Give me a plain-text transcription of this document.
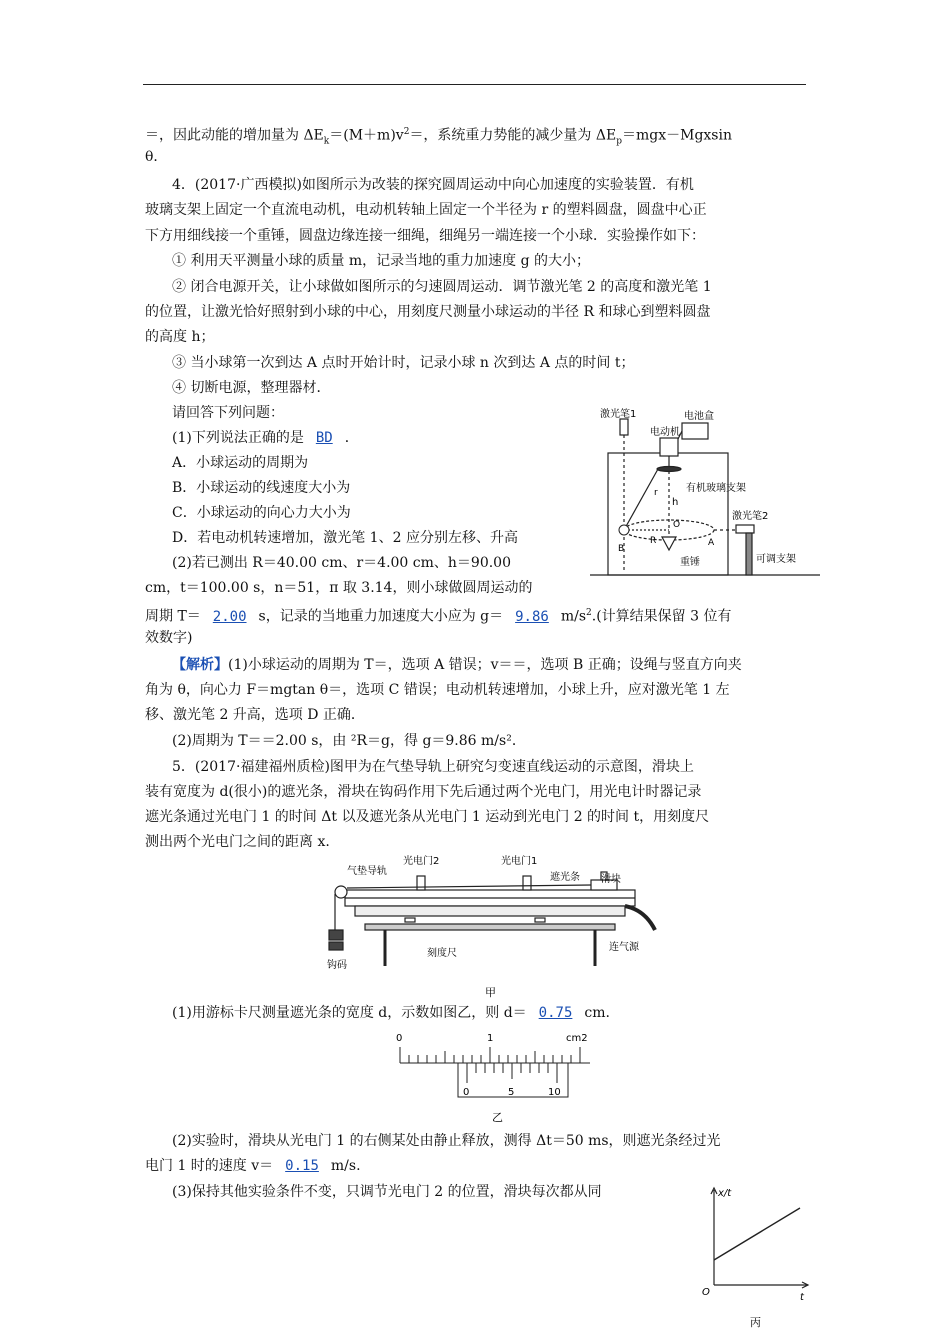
＝，因此动能的增加量为 $\Delta E_k=(M+m)v^2=$，系统重力势能的减少量为 $\Delta E_p=mgx-Mgxsin$
θ．
4．(2017·广西模拟)如图所示为改装的探究圆周运动中向心加速度的实验装置．有机
玻璃支架上固定一个直流电动机，电动机转轴上固定一个半径为 r 的塑料圆盘，圆盘中心正
下方用细线接一个重锤，圆盘边缘连接一细绳，细绳另一端连接一个小球．实验操作如下：
① 利用天平测量小球的质量 m，记录当地的重力加速度 g 的大小；
② 闭合电源开关，让小球做如图所示的匀速圆周运动．调节激光笔 2 的高度和激光笔 1
的位置，让激光恰好照射到小球的中心，用刻度尺测量小球运动的半径 R 和球心到塑料圆盘
的高度 h；
③ 当小球第一次到达 A 点时开始计时，记录小球 n 次到达 A 点的时间 t；
④ 切断电源，整理器材．
请回答下列问题：
(1)下列说法正确的是 BD ．
A．小球运动的周期为
B．小球运动的线速度大小为
C．小球运动的向心力大小为
D．若电动机转速增加，激光笔 1、2 应分别左移、升高
(2)若已测出 R＝40.00 cm、r＝4.00 cm、h＝90.00
cm，t＝100.00 s，n＝51，π 取 3.14，则小球做圆周运动的
周期 T＝ 2.00 s，记录的当地重力加速度大小应为 g＝ 9.86 $m/s^2$.(计算结果保留 3 位有
效数字)
【解析】(1)小球运动的周期为 T＝，选项 A 错误；v＝＝，选项 B 正确；设绳与竖直方向夹
角为 θ，向心力 F＝mgtan θ＝，选项 C 错误；电动机转速增加，小球上升，应对激光笔 1 左
移、激光笔 2 升高，选项 D 正确．
(2)周期为 T＝＝2.00 s，由 ²R＝g，得 g＝9.86 m/s²．
5．(2017·福建福州质检)图甲为在气垫导轨上研究匀变速直线运动的示意图，滑块上
装有宽度为 d(很小)的遮光条，滑块在钩码作用下先后通过两个光电门，用光电计时器记录
遮光条通过光电门 1 的时间 Δt 以及遮光条从光电门 1 运动到光电门 2 的时间 t，用刻度尺
测出两个光电门之间的距离 x.
(1)用游标卡尺测量遮光条的宽度 d，示数如图乙，则 d＝ 0.75 cm.
(2)实验时，滑块从光电门 1 的右侧某处由静止释放，测得 Δt＝50 ms，则遮光条经过光
电门 1 时的速度 v＝ 0.15 m/s.
(3)保持其他实验条件不变，只调节光电门 2 的位置，滑块每次都从同
激光笔1
电动机
电池盒
r
h
有机玻璃支架
激光笔2
O
B
R	A
重锤	可调支架
气垫导轨
光电门2	光电门1
遮光条 滑块
钩码
刻度尺
连气源
甲
0	1	cm2
0	5	10
乙
x/t
O	t
丙
